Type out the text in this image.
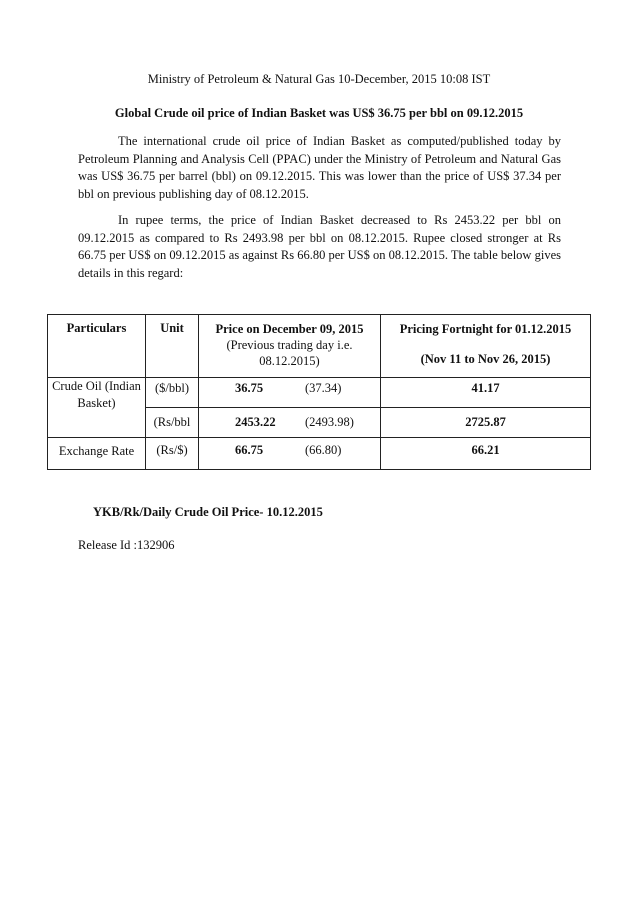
Ministry of Petroleum & Natural Gas 10-December, 2015 10:08 IST
Global Crude oil price of Indian Basket was US$ 36.75 per bbl on 09.12.2015
The international crude oil price of Indian Basket as computed/published today by Petroleum Planning and Analysis Cell (PPAC) under the Ministry of Petroleum and Natural Gas was US$ 36.75 per barrel (bbl) on 09.12.2015. This was lower than the price of US$ 37.34 per bbl on previous publishing day of 08.12.2015.
In rupee terms, the price of Indian Basket decreased to Rs 2453.22 per bbl on 09.12.2015 as compared to Rs 2493.98 per bbl on 08.12.2015. Rupee closed stronger at Rs 66.75 per US$ on 09.12.2015 as against Rs 66.80 per US$ on 08.12.2015. The table below gives details in this regard:
Particulars	Unit	Price on December 09, 2015 (Previous trading day i.e. 08.12.2015)	Pricing Fortnight for 01.12.2015
(Nov 11 to Nov 26, 2015)

Crude Oil (Indian Basket)	($/bbl)	36.75 (37.34)	41.17
	(Rs/bbl	2453.22 (2493.98)	2725.87
Exchange Rate	(Rs/$)	66.75 (66.80)	66.21
YKB/Rk/Daily Crude Oil Price- 10.12.2015
Release Id :132906
